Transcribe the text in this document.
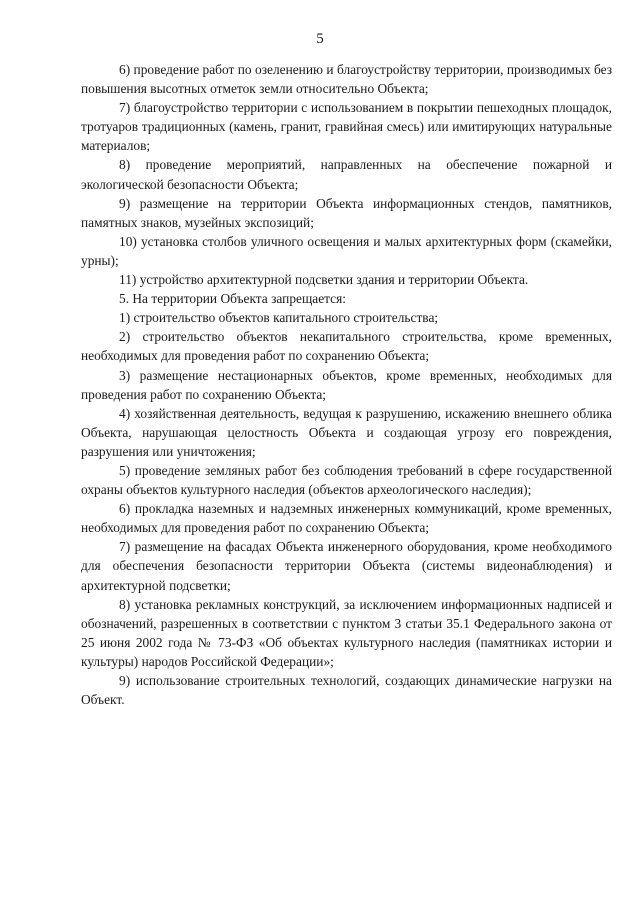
5

6) проведение работ по озеленению и благоустройству территории, производимых без повышения высотных отметок земли относительно Объекта;

7) благоустройство территории с использованием в покрытии пешеходных площадок, тротуаров традиционных (камень, гранит, гравийная смесь) или имитирующих натуральные материалов;

8) проведение мероприятий, направленных на обеспечение пожарной и экологической безопасности Объекта;

9) размещение на территории Объекта информационных стендов, памятников, памятных знаков, музейных экспозиций;

10) установка столбов уличного освещения и малых архитектурных форм (скамейки, урны);

11) устройство архитектурной подсветки здания и территории Объекта.

5. На территории Объекта запрещается:

1) строительство объектов капитального строительства;

2) строительство объектов некапитального строительства, кроме временных, необходимых для проведения работ по сохранению Объекта;

3) размещение нестационарных объектов, кроме временных, необходимых для проведения работ по сохранению Объекта;

4) хозяйственная деятельность, ведущая к разрушению, искажению внешнего облика Объекта, нарушающая целостность Объекта и создающая угрозу его повреждения, разрушения или уничтожения;

5) проведение земляных работ без соблюдения требований в сфере государственной охраны объектов культурного наследия (объектов археологического наследия);

6) прокладка наземных и надземных инженерных коммуникаций, кроме временных, необходимых для проведения работ по сохранению Объекта;

7) размещение на фасадах Объекта инженерного оборудования, кроме необходимого для обеспечения безопасности территории Объекта (системы видеонаблюдения) и архитектурной подсветки;

8) установка рекламных конструкций, за исключением информационных надписей и обозначений, разрешенных в соответствии с пунктом 3 статьи 35.1 Федерального закона от 25 июня 2002 года № 73-ФЗ «Об объектах культурного наследия (памятниках истории и культуры) народов Российской Федерации»;

9) использование строительных технологий, создающих динамические нагрузки на Объект.
